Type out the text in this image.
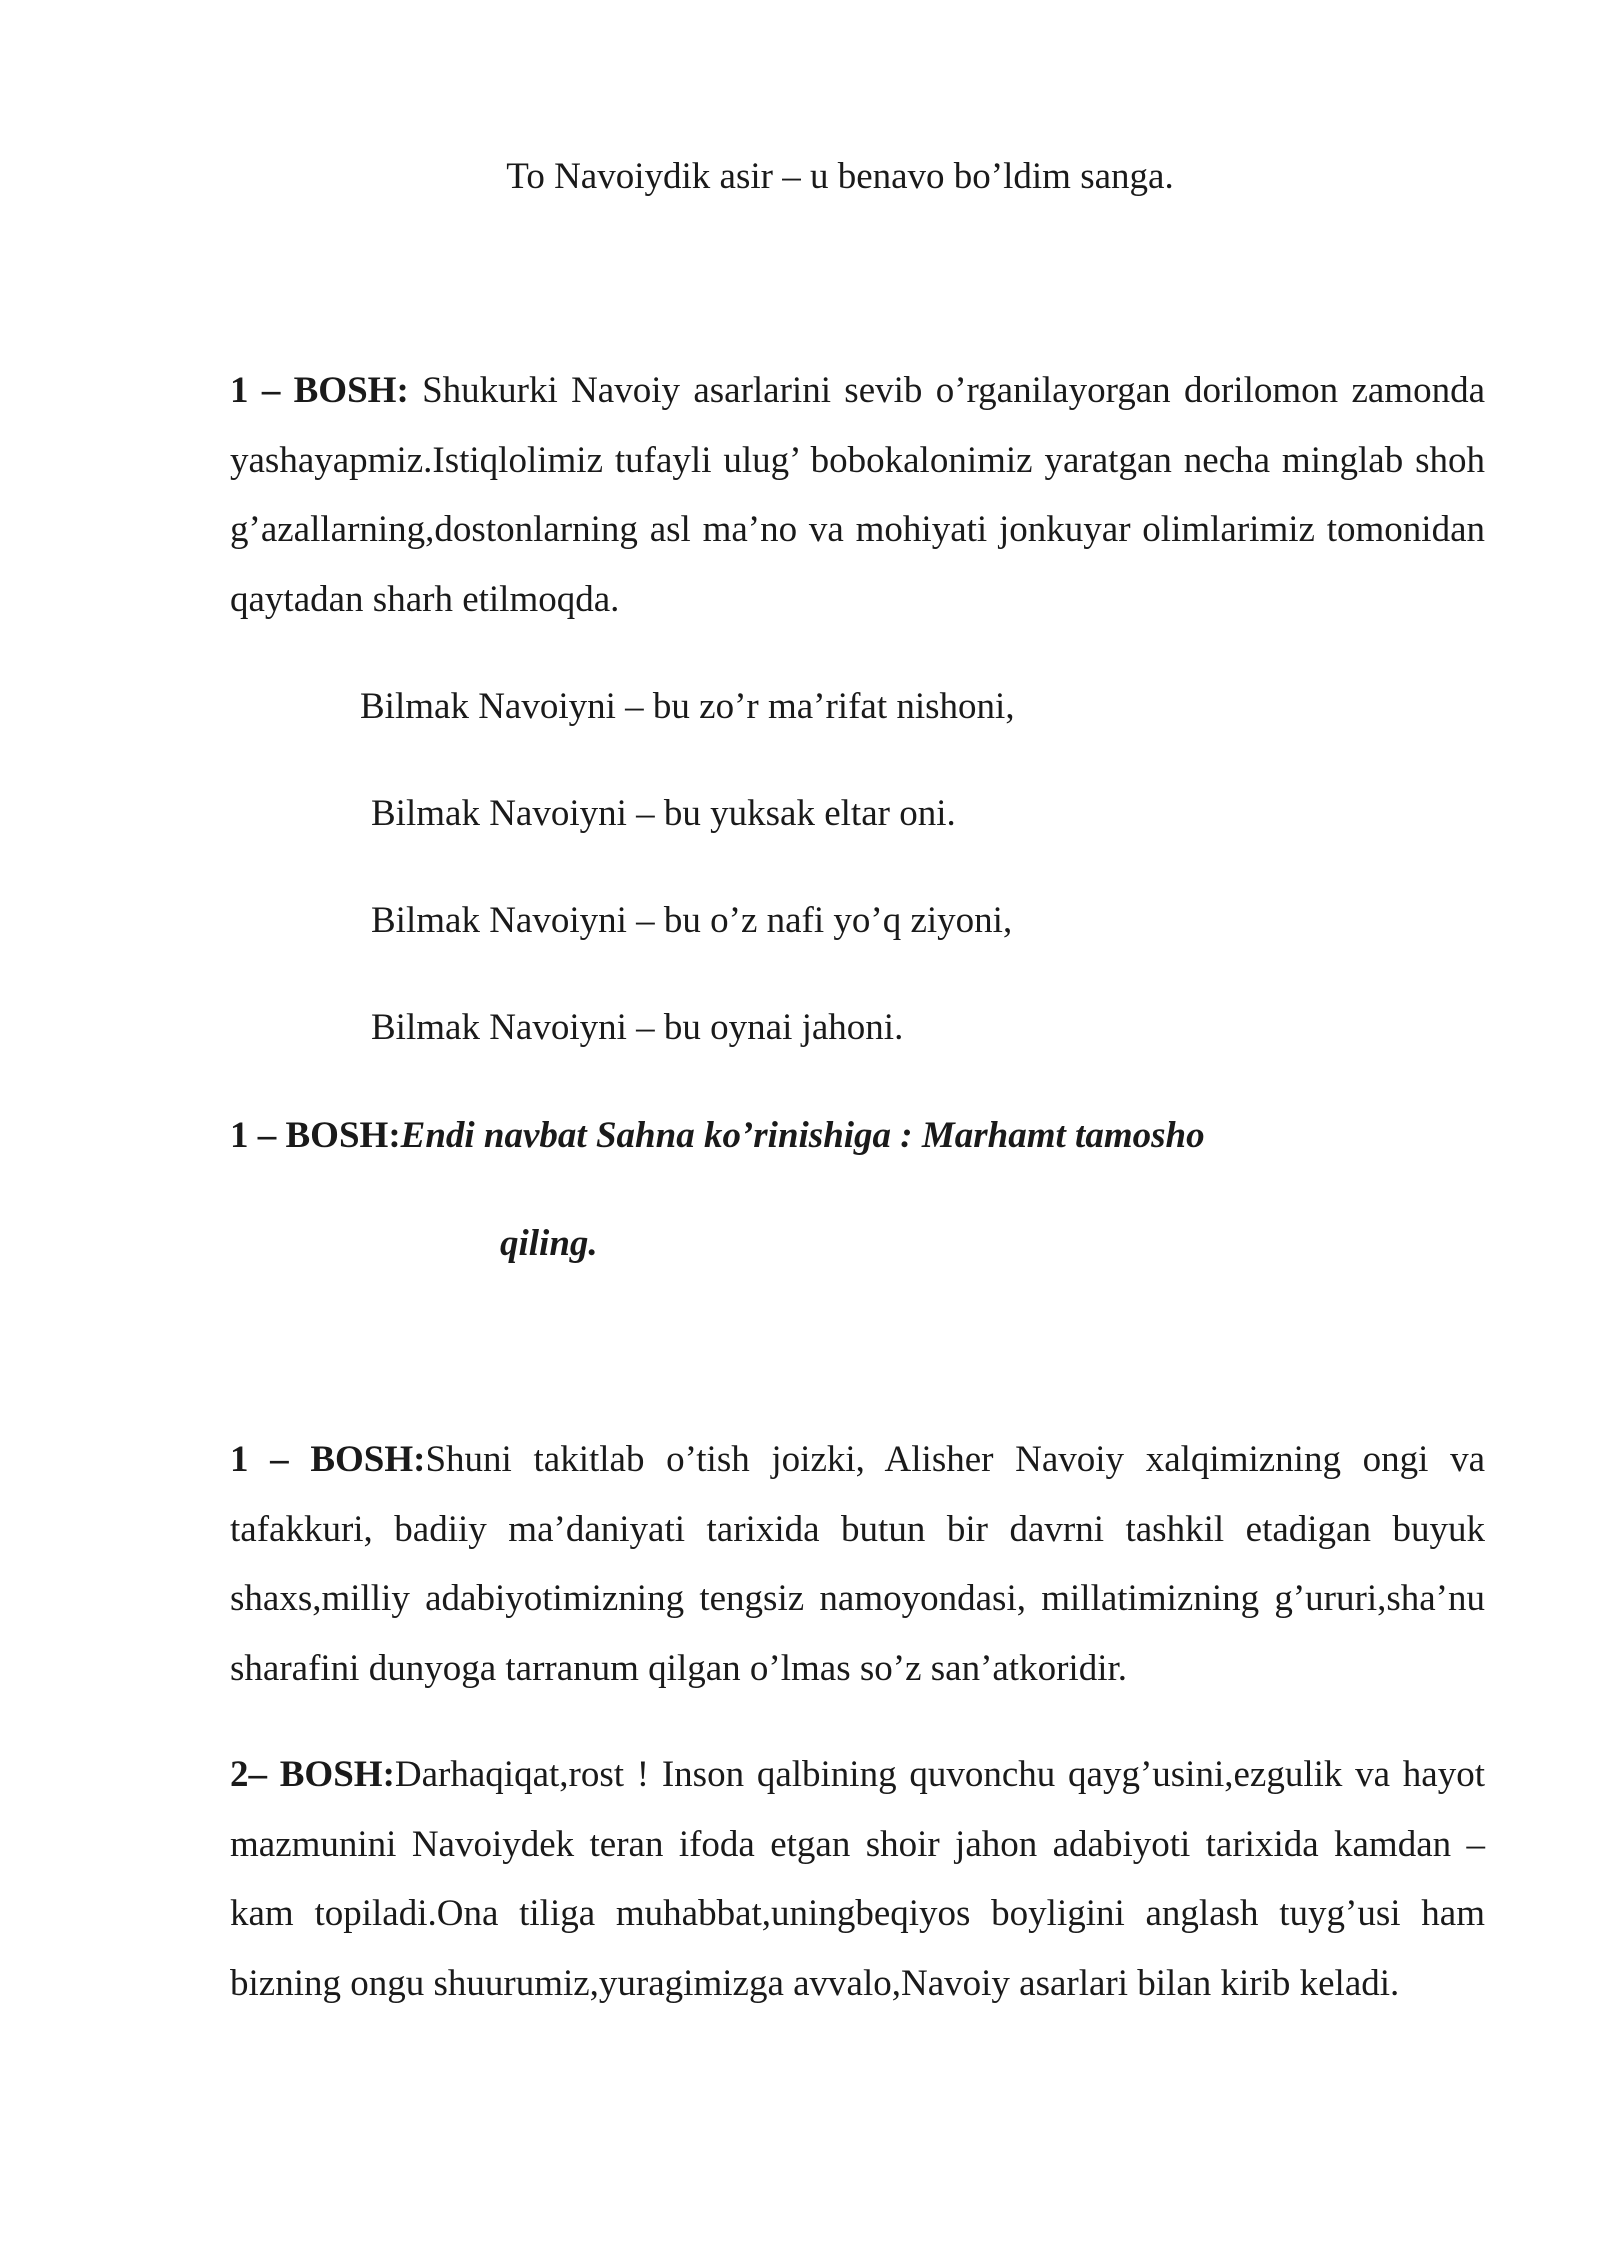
To Navoiydik asir – u benavo bo’ldim sanga.
1 – BOSH: Shukurki Navoiy asarlarini sevib o’rganilayorgan dorilomon zamonda yashayapmiz.Istiqlolimiz tufayli ulug’ bobokalonimiz yaratgan necha minglab shoh g’azallarning,dostonlarning asl ma’no va mohiyati jonkuyar olimlarimiz tomonidan qaytadan sharh etilmoqda.
Bilmak Navoiyni – bu zo’r ma’rifat nishoni,
Bilmak Navoiyni – bu yuksak eltar oni.
Bilmak Navoiyni – bu o’z nafi yo’q ziyoni,
Bilmak Navoiyni – bu oynai jahoni.
1 – BOSH:Endi navbat Sahna ko’rinishiga : Marhamt tamosho
qiling.
1 – BOSH:Shuni takitlab o’tish joizki, Alisher Navoiy xalqimizning ongi va tafakkuri, badiiy ma’daniyati tarixida butun bir davrni tashkil etadigan buyuk shaxs,milliy adabiyotimizning tengsiz namoyondasi, millatimizning g’ururi,sha’nu sharafini dunyoga tarranum qilgan o’lmas so’z san’atkoridir.
2– BOSH:Darhaqiqat,rost ! Inson qalbining quvonchu qayg’usini,ezgulik va hayot mazmunini Navoiydek teran ifoda etgan shoir jahon adabiyoti tarixida kamdan –kam topiladi.Ona tiliga muhabbat,uningbeqiyos boyligini anglash tuyg’usi ham bizning ongu shuurumiz,yuragimizga avvalo,Navoiy asarlari bilan kirib keladi.
